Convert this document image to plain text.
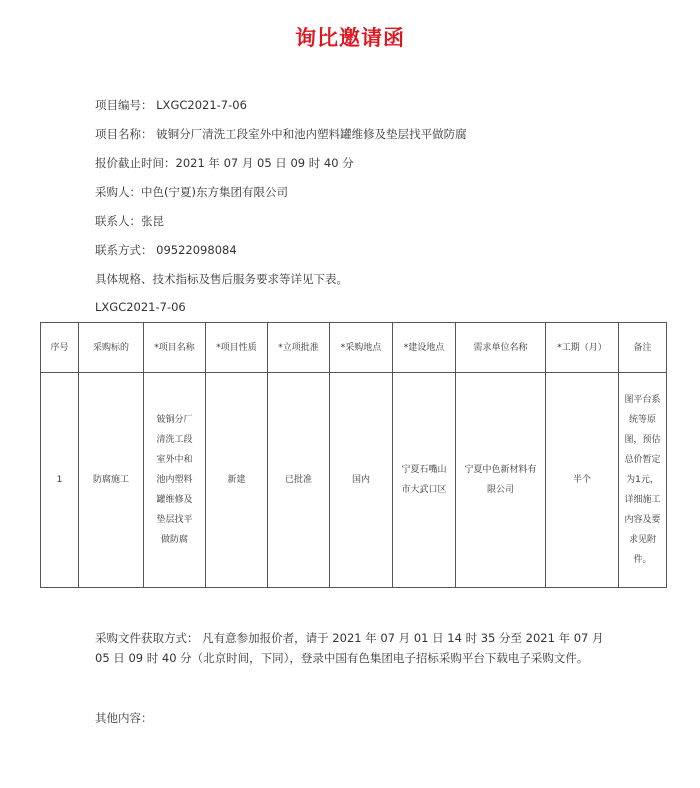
询比邀请函
项目编号： LXGC2021-7-06
项目名称： 铍铜分厂清洗工段室外中和池内塑料罐维修及垫层找平做防腐
报价截止时间：2021 年 07 月 05 日 09 时 40 分
采购人：中色(宁夏)东方集团有限公司
联系人：张昆
联系方式： 09522098084
具体规格、技术指标及售后服务要求等详见下表。
LXGC2021-7-06
序号	采购标的	*项目名称	*项目性质	*立项批准	*采购地点	*建设地点	需求单位名称	*工期（月）	备注
1	防腐施工	铍铜分厂清洗工段室外中和池内塑料罐维修及垫层找平做防腐	新建	已批准	国内	宁夏石嘴山市大武口区	宁夏中色新材料有限公司	半个	图平台系统等原图，预估总价暂定为1元，详细施工内容及要求见附件。
采购文件获取方式： 凡有意参加报价者，请于 2021 年 07 月 01 日 14 时 35 分至 2021 年 07 月 05 日 09 时 40 分（北京时间，下同），登录中国有色集团电子招标采购平台下载电子采购文件。
其他内容：
